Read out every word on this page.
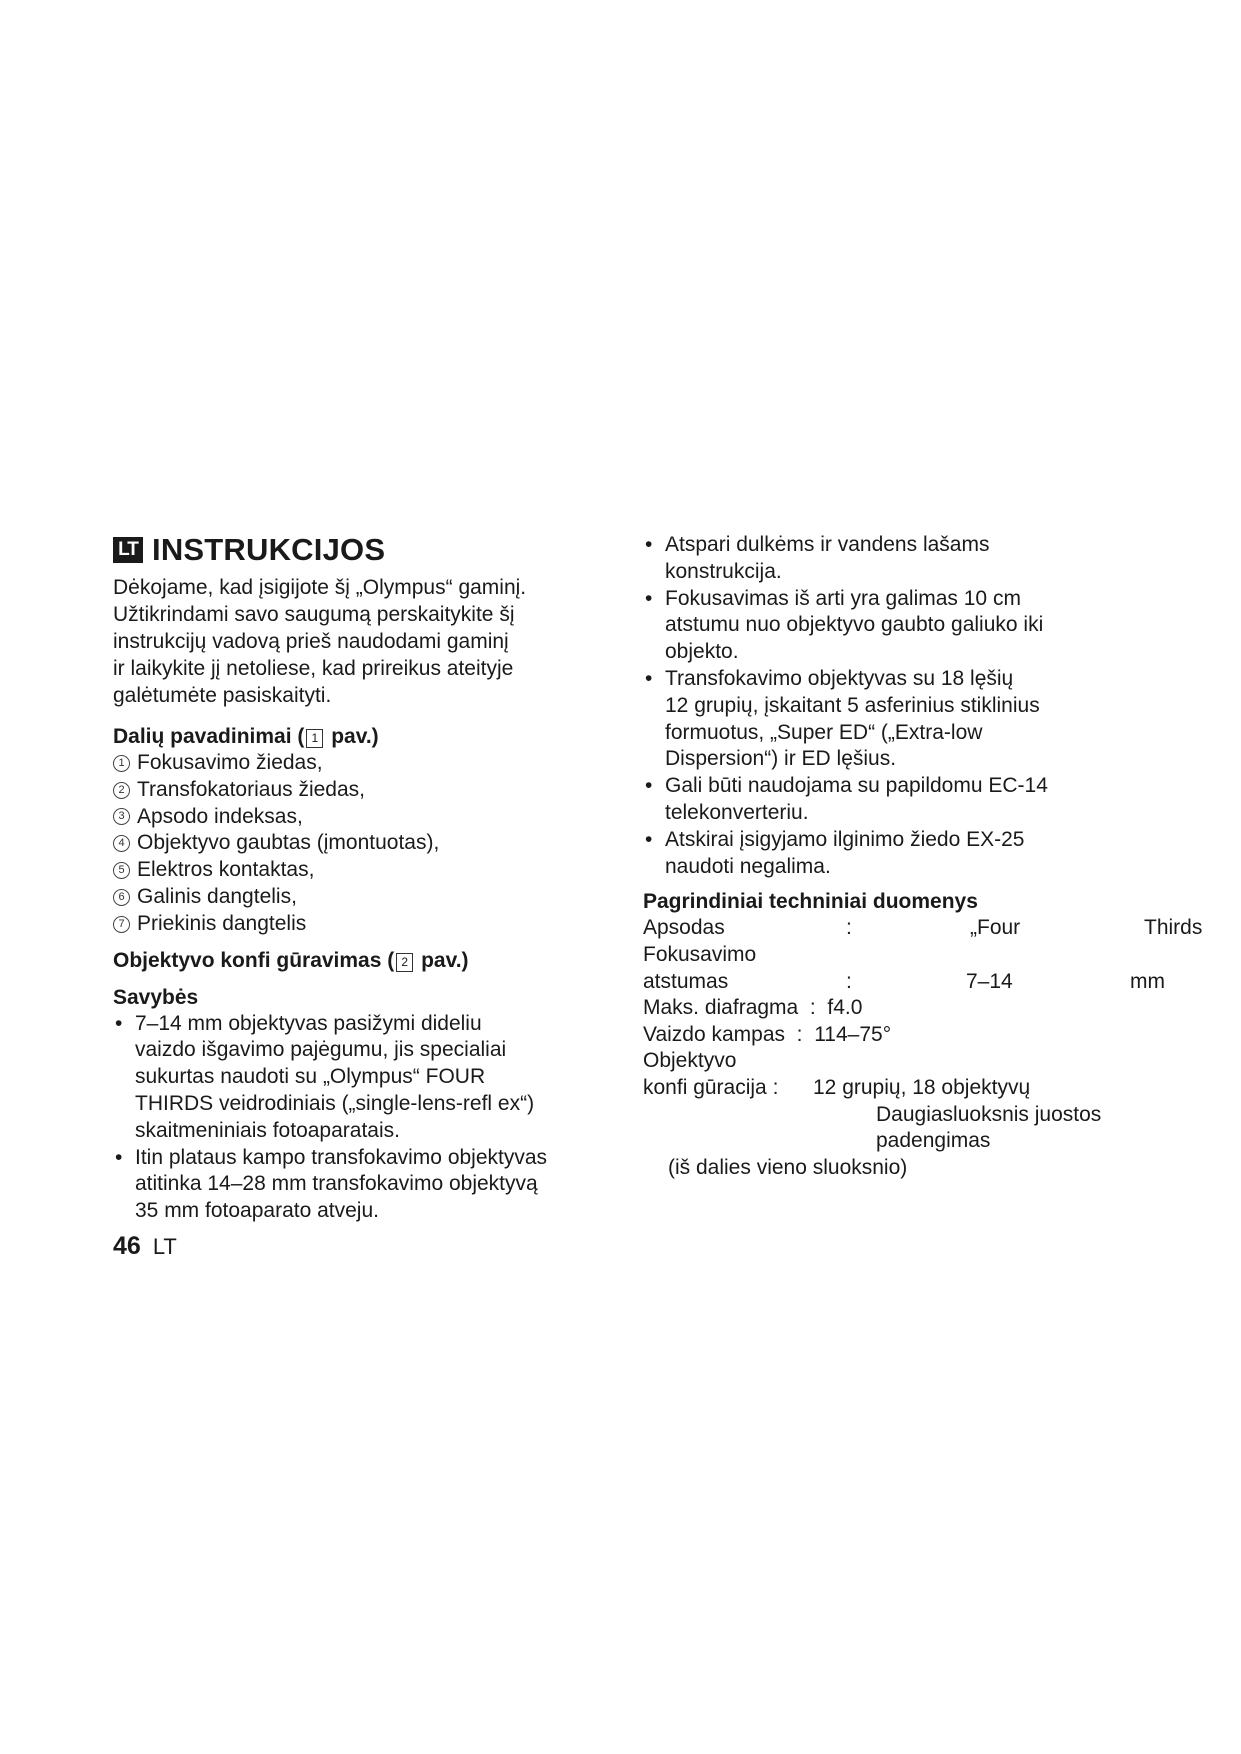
LT INSTRUKCIJOS
Dėkojame, kad įsigijote šį „Olympus“ gaminį.
Užtikrindami savo saugumą perskaitykite šį
instrukcijų vadovą prieš naudodami gaminį
ir laikykite jį netoliese, kad prireikus ateityje
galėtumėte pasiskaityti.
Dalių pavadinimai ( 1 pav.)
1 Fokusavimo žiedas,
2 Transfokatoriaus žiedas,
3 Apsodo indeksas,
4 Objektyvo gaubtas (įmontuotas),
5 Elektros kontaktas,
6 Galinis dangtelis,
7 Priekinis dangtelis
Objektyvo konfi gūravimas ( 2 pav.)
Savybės
• 7–14 mm objektyvas pasižymi dideliu
vaizdo išgavimo pajėgumu, jis specialiai
sukurtas naudoti su „Olympus“ FOUR
THIRDS veidrodiniais („single-lens-refl ex“)
skaitmeniniais fotoaparatais.
• Itin plataus kampo transfokavimo objektyvas
atitinka 14–28 mm transfokavimo objektyvą
35 mm fotoaparato atveju.
• Atspari dulkėms ir vandens lašams
konstrukcija.
• Fokusavimas iš arti yra galimas 10 cm
atstumu nuo objektyvo gaubto galiuko iki
objekto.
• Transfokavimo objektyvas su 18 lęšių
12 grupių, įskaitant 5 asferinius stiklinius
formuotus, „Super ED“ („Extra-low
Dispersion“) ir ED lęšius.
• Gali būti naudojama su papildomu EC-14
telekonverteriu.
• Atskirai įsigyjamo ilginimo žiedo EX-25
naudoti negalima.
Pagrindiniai techniniai duomenys
Apsodas	:	„Four	Thirds
Fokusavimo
atstumas	:	7–14	mm
Maks. diafragma  :  f4.0
Vaizdo kampas  :  114–75°
Objektyvo
konfi gūracija : 12 grupių, 18 objektyvų
Daugiasluoksnis juostos
padengimas
(iš dalies vieno sluoksnio)
46 LT
